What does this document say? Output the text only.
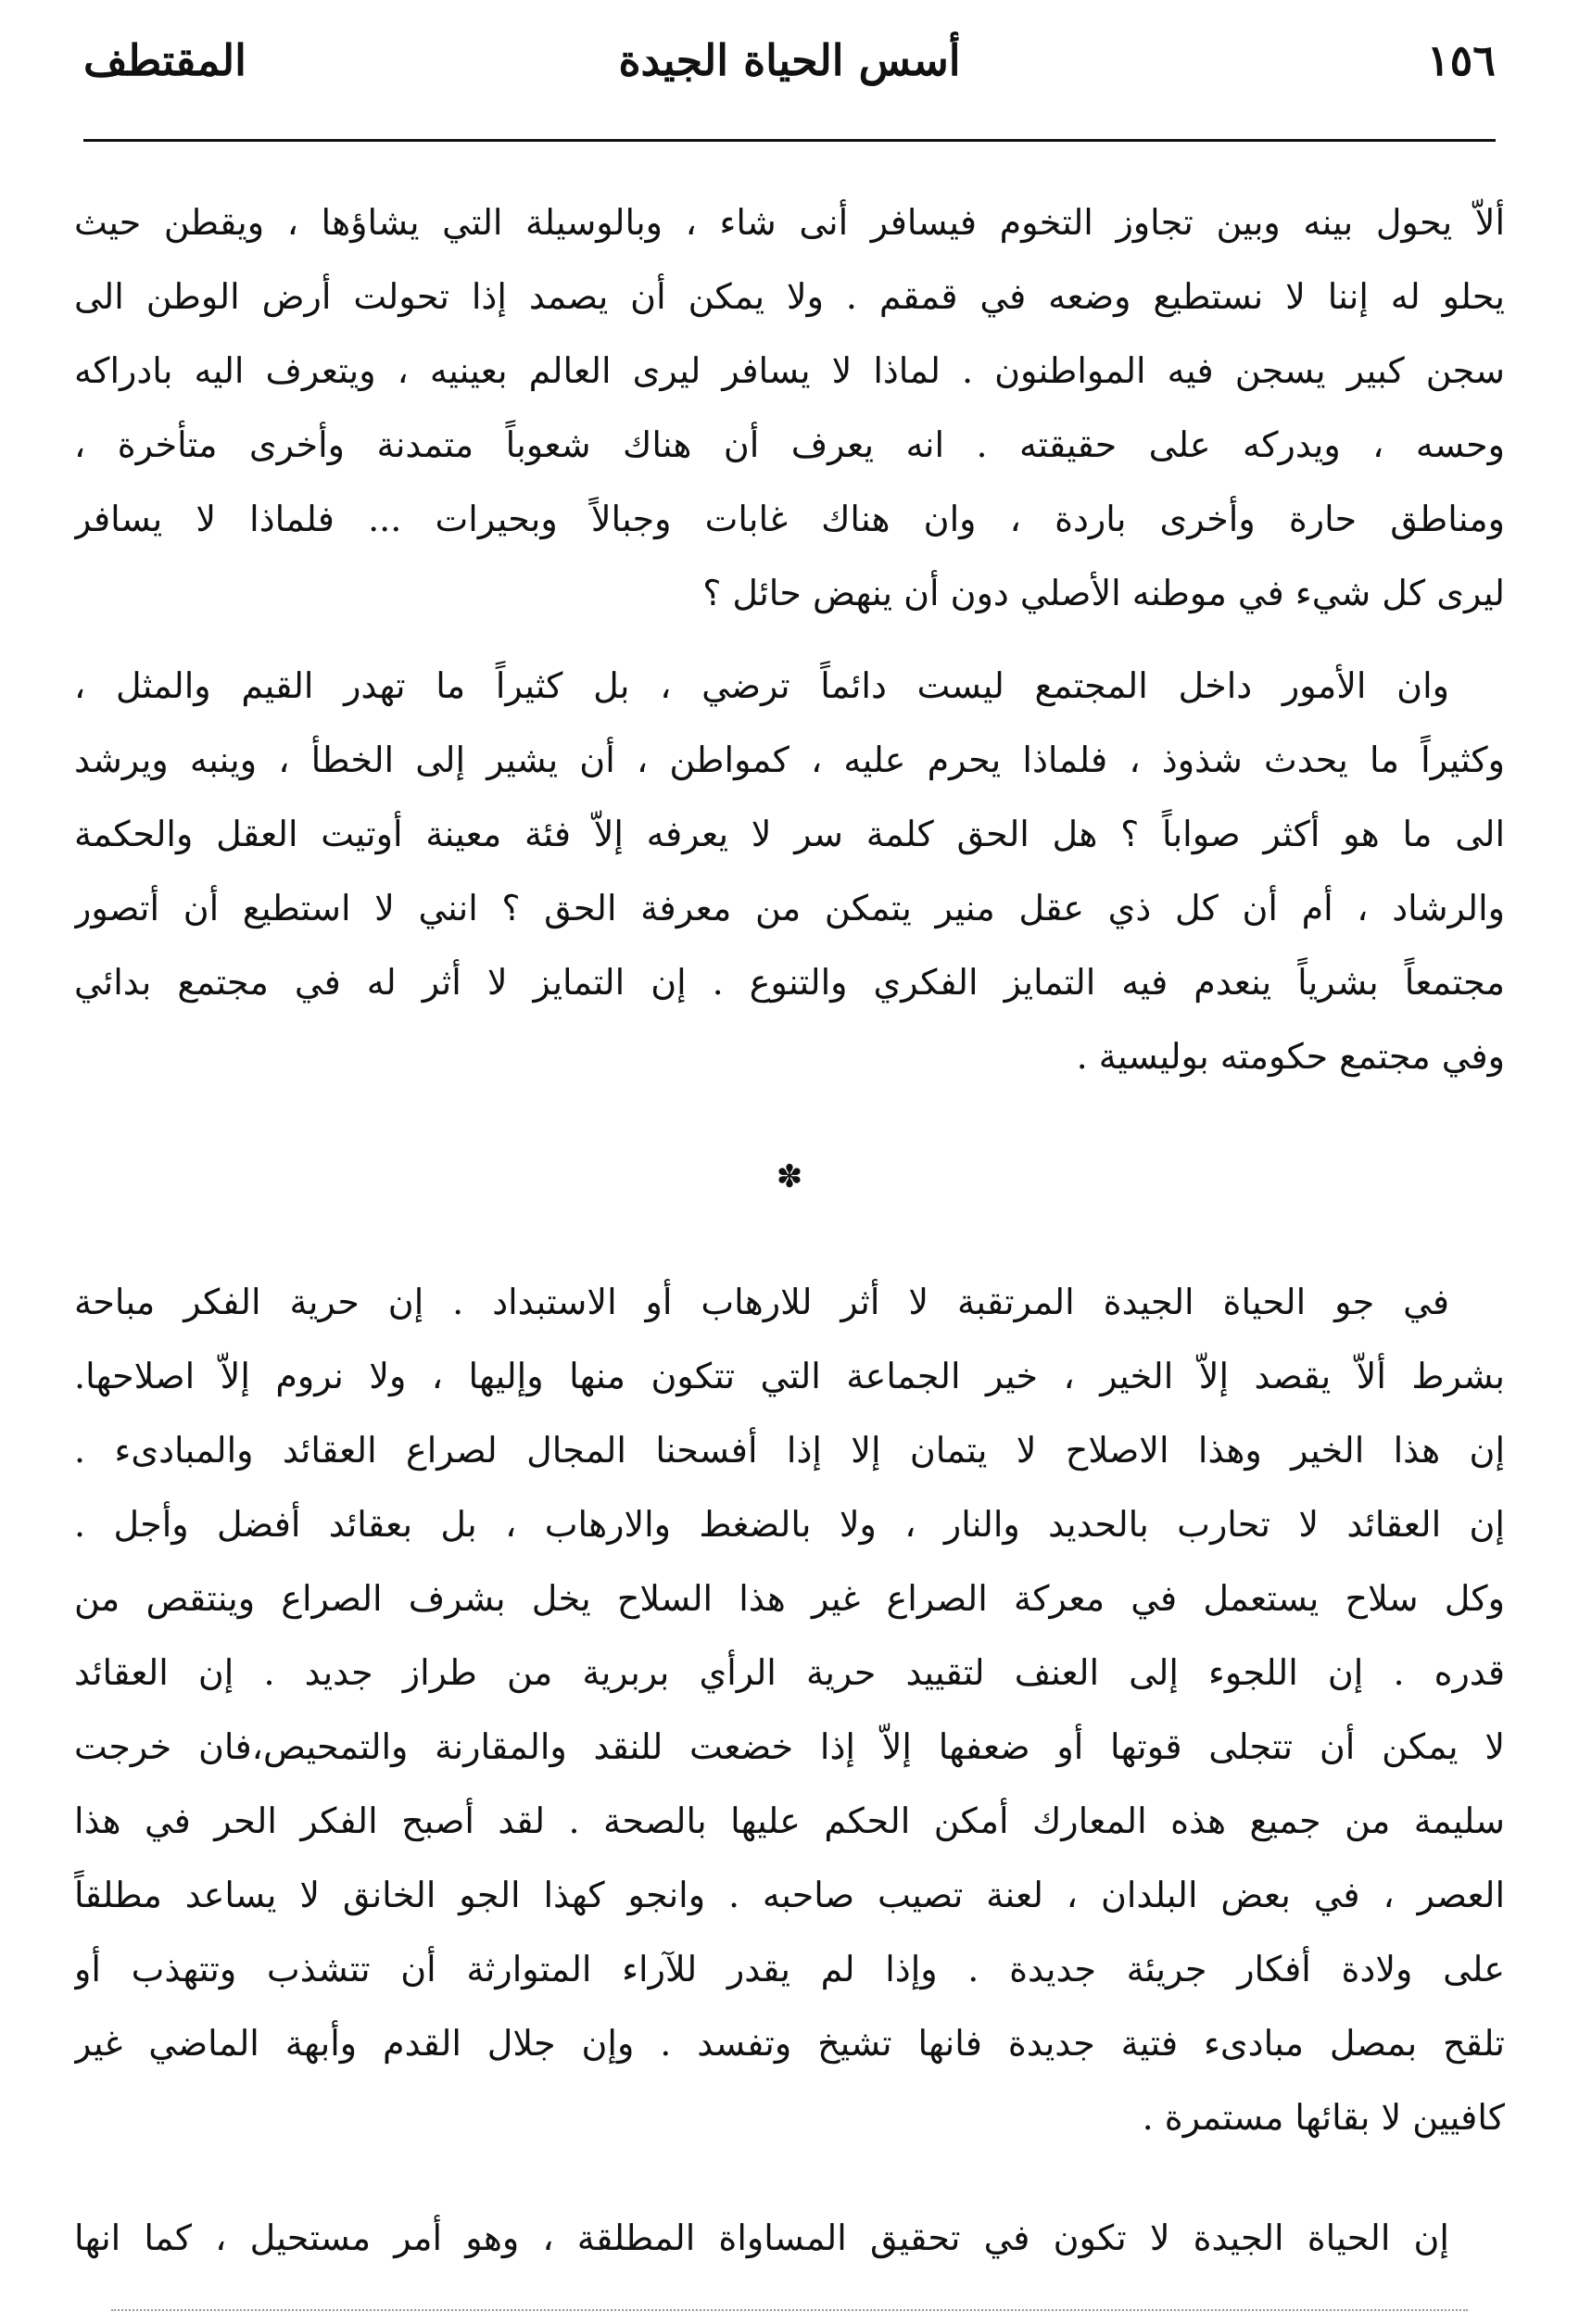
١٥٦
أسس الحياة الجيدة
المقتطف
ألاّ يحول بينه وبين تجاوز التخوم فيسافر أنى شاء ، وبالوسيلة التي يشاؤها ، ويقطن حيث
يحلو له إننا لا نستطيع وضعه في قمقم . ولا يمكن أن يصمد إذا تحولت أرض الوطن الى
سجن كبير يسجن فيه المواطنون . لماذا لا يسافر ليرى العالم بعينيه ، ويتعرف اليه بادراكه
وحسه ، ويدركه على حقيقته . انه يعرف أن هناك شعوباً متمدنة وأخرى متأخرة ،
ومناطق حارة وأخرى باردة ، وان هناك غابات وجبالاً وبحيرات ... فلماذا لا يسافر
ليرى كل شيء في موطنه الأصلي دون أن ينهض حائل ؟
وان الأمور داخل المجتمع ليست دائماً ترضي ، بل كثيراً ما تهدر القيم والمثل ،
وكثيراً ما يحدث شذوذ ، فلماذا يحرم عليه ، كمواطن ، أن يشير إلى الخطأ ، وينبه ويرشد
الى ما هو أكثر صواباً ؟ هل الحق كلمة سر لا يعرفه إلاّ فئة معينة أوتيت العقل والحكمة
والرشاد ، أم أن كل ذي عقل منير يتمكن من معرفة الحق ؟ انني لا استطيع أن أتصور
مجتمعاً بشرياً ينعدم فيه التمايز الفكري والتنوع . إن التمايز لا أثر له في مجتمع بدائي
وفي مجتمع حكومته بوليسية .
✽
في جو الحياة الجيدة المرتقبة لا أثر للارهاب أو الاستبداد . إن حرية الفكر مباحة
بشرط ألاّ يقصد إلاّ الخير ، خير الجماعة التي تتكون منها وإليها ، ولا نروم إلاّ اصلاحها.
إن هذا الخير وهذا الاصلاح لا يتمان إلا إذا أفسحنا المجال لصراع العقائد والمبادىء .
إن العقائد لا تحارب بالحديد والنار ، ولا بالضغط والارهاب ، بل بعقائد أفضل وأجل .
وكل سلاح يستعمل في معركة الصراع غير هذا السلاح يخل بشرف الصراع وينتقص من
قدره . إن اللجوء إلى العنف لتقييد حرية الرأي بربرية من طراز جديد . إن العقائد
لا يمكن أن تتجلى قوتها أو ضعفها إلاّ إذا خضعت للنقد والمقارنة والتمحيص،فان خرجت
سليمة من جميع هذه المعارك أمكن الحكم عليها بالصحة . لقد أصبح الفكر الحر في هذا
العصر ، في بعض البلدان ، لعنة تصيب صاحبه . وانجو كهذا الجو الخانق لا يساعد مطلقاً
على ولادة أفكار جريئة جديدة . وإذا لم يقدر للآراء المتوارثة أن تتشذب وتتهذب أو
تلقح بمصل مبادىء فتية جديدة فانها تشيخ وتفسد . وإن جلال القدم وأبهة الماضي غير
كافيين لا بقائها مستمرة .
إن الحياة الجيدة لا تكون في تحقيق المساواة المطلقة ، وهو أمر مستحيل ، كما انها
